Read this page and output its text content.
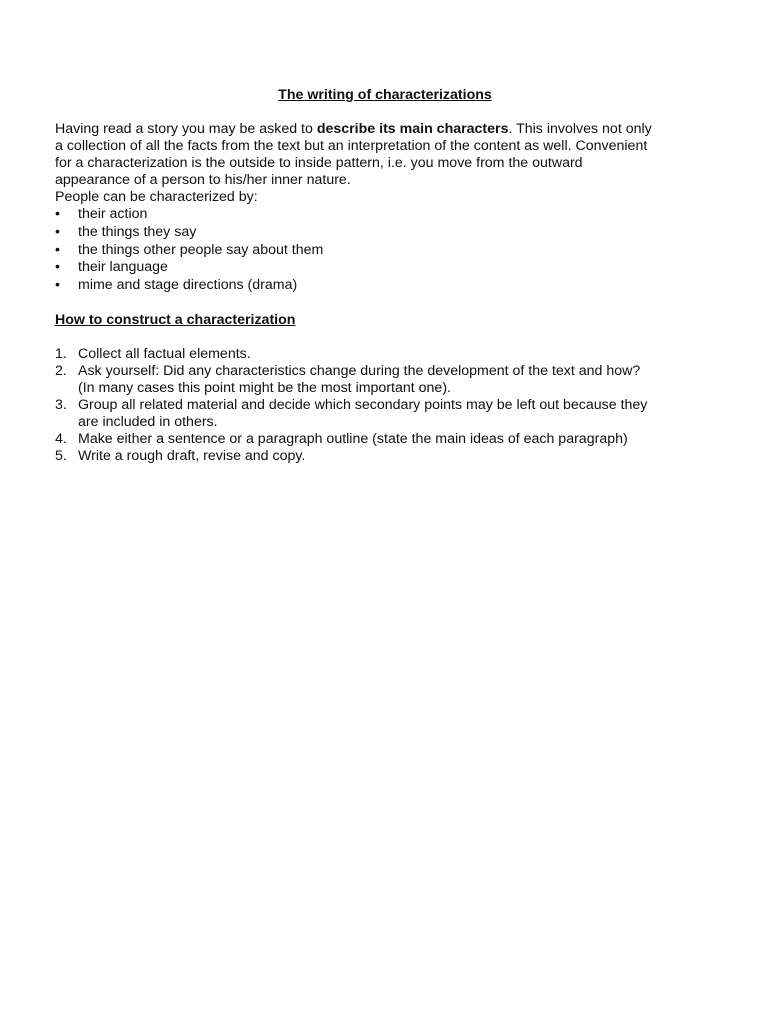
The writing of characterizations

Having read a story you may be asked to describe its main characters. This involves not only
a collection of all the facts from the text but an interpretation of the content as well. Convenient
for a characterization is the outside to inside pattern, i.e. you move from the outward
appearance of a person to his/her inner nature.
People can be characterized by:

•	their action
•	the things they say
•	the things other people say about them
•	their language
•	mime and stage directions (drama)
How to construct a characterization
1. Collect all factual elements.
2. Ask yourself: Did any characteristics change during the development of the text and how?
(In many cases this point might be the most important one).
3. Group all related material and decide which secondary points may be left out because they
are included in others.
4. Make either a sentence or a paragraph outline (state the main ideas of each paragraph)
5. Write a rough draft, revise and copy.
